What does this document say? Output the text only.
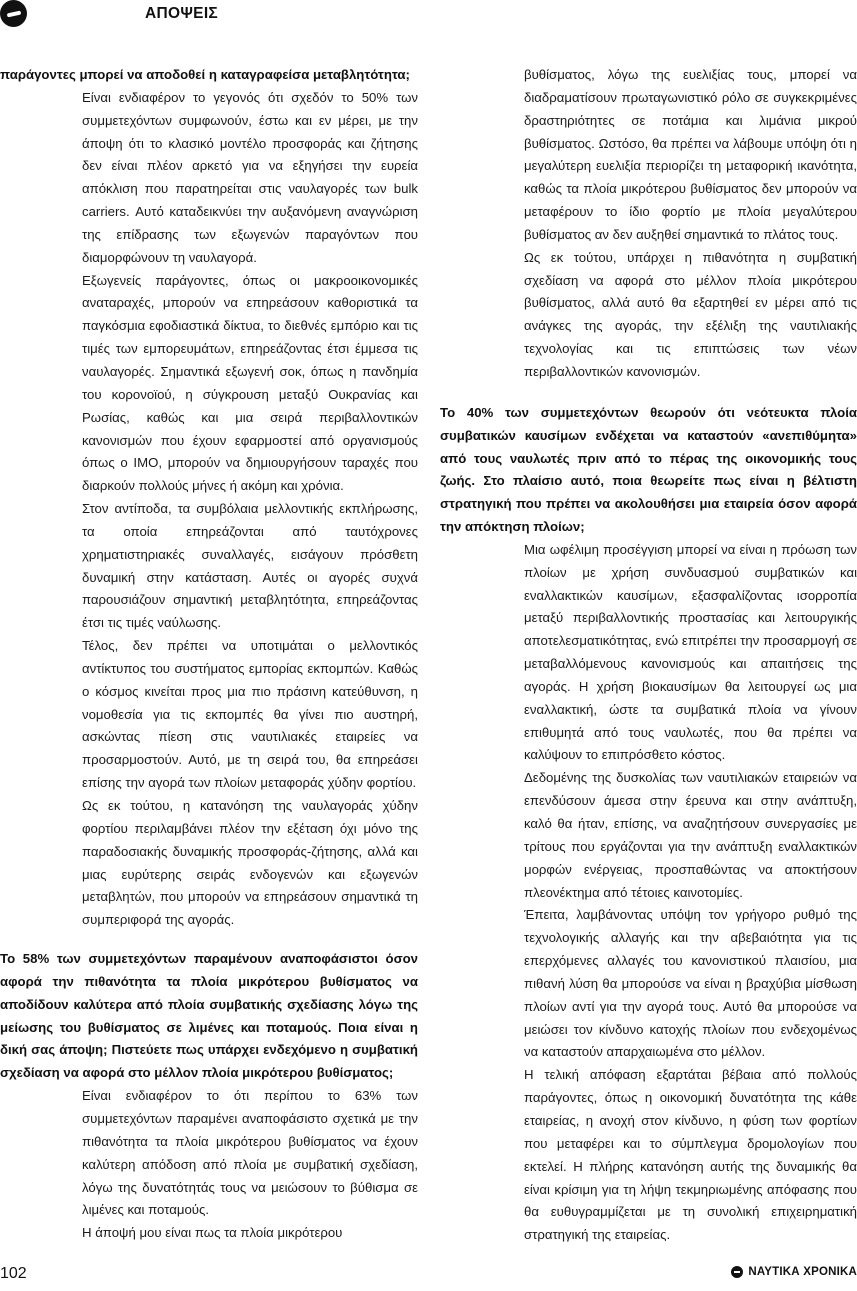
ΑΠΟΨΕΙΣ

παράγοντες μπορεί να αποδοθεί η καταγραφείσα μεταβλητότητα;

Είναι ενδιαφέρον το γεγονός ότι σχεδόν το 50% των συμμετεχόντων συμφωνούν, έστω και εν μέρει, με την άποψη ότι το κλασικό μοντέλο προσφοράς και ζήτησης δεν είναι πλέον αρκετό για να εξηγήσει την ευρεία απόκλιση που παρατηρείται στις ναυλαγορές των bulk carriers. Αυτό καταδεικνύει την αυξανόμενη αναγνώριση της επίδρασης των εξωγενών παραγόντων που διαμορφώνουν τη ναυλαγορά.

Εξωγενείς παράγοντες, όπως οι μακροοικονομικές αναταραχές, μπορούν να επηρεάσουν καθοριστικά τα παγκόσμια εφοδιαστικά δίκτυα, το διεθνές εμπόριο και τις τιμές των εμπορευμάτων, επηρεάζοντας έτσι έμμεσα τις ναυλαγορές. Σημαντικά εξωγενή σοκ, όπως η πανδημία του κορονοϊού, η σύγκρουση μεταξύ Ουκρανίας και Ρωσίας, καθώς και μια σειρά περιβαλλοντικών κανονισμών που έχουν εφαρμοστεί από οργανισμούς όπως ο IMO, μπορούν να δημιουργήσουν ταραχές που διαρκούν πολλούς μήνες ή ακόμη και χρόνια.

Στον αντίποδα, τα συμβόλαια μελλοντικής εκπλήρωσης, τα οποία επηρεάζονται από ταυτόχρονες χρηματιστηριακές συναλλαγές, εισάγουν πρόσθετη δυναμική στην κατάσταση. Αυτές οι αγορές συχνά παρουσιάζουν σημαντική μεταβλητότητα, επηρεάζοντας έτσι τις τιμές ναύλωσης.

Τέλος, δεν πρέπει να υποτιμάται ο μελλοντικός αντίκτυπος του συστήματος εμπορίας εκπομπών. Καθώς ο κόσμος κινείται προς μια πιο πράσινη κατεύθυνση, η νομοθεσία για τις εκπομπές θα γίνει πιο αυστηρή, ασκώντας πίεση στις ναυτιλιακές εταιρείες να προσαρμοστούν. Αυτό, με τη σειρά του, θα επηρεάσει επίσης την αγορά των πλοίων μεταφοράς χύδην φορτίου.

Ως εκ τούτου, η κατανόηση της ναυλαγοράς χύδην φορτίου περιλαμβάνει πλέον την εξέταση όχι μόνο της παραδοσιακής δυναμικής προσφοράς-ζήτησης, αλλά και μιας ευρύτερης σειράς ενδογενών και εξωγενών μεταβλητών, που μπορούν να επηρεάσουν σημαντικά τη συμπεριφορά της αγοράς.

Το 58% των συμμετεχόντων παραμένουν αναποφάσιστοι όσον αφορά την πιθανότητα τα πλοία μικρότερου βυθίσματος να αποδίδουν καλύτερα από πλοία συμβατικής σχεδίασης λόγω της μείωσης του βυθίσματος σε λιμένες και ποταμούς. Ποια είναι η δική σας άποψη; Πιστεύετε πως υπάρχει ενδεχόμενο η συμβατική σχεδίαση να αφορά στο μέλλον πλοία μικρότερου βυθίσματος;

Είναι ενδιαφέρον το ότι περίπου το 63% των συμμετεχόντων παραμένει αναποφάσιστο σχετικά με την πιθανότητα τα πλοία μικρότερου βυθίσματος να έχουν καλύτερη απόδοση από πλοία με συμβατική σχεδίαση, λόγω της δυνατότητάς τους να μειώσουν το βύθισμα σε λιμένες και ποταμούς.

Η άποψή μου είναι πως τα πλοία μικρότερου

βυθίσματος, λόγω της ευελιξίας τους, μπορεί να διαδραματίσουν πρωταγωνιστικό ρόλο σε συγκεκριμένες δραστηριότητες σε ποτάμια και λιμάνια μικρού βυθίσματος. Ωστόσο, θα πρέπει να λάβουμε υπόψη ότι η μεγαλύτερη ευελιξία περιορίζει τη μεταφορική ικανότητα, καθώς τα πλοία μικρότερου βυθίσματος δεν μπορούν να μεταφέρουν το ίδιο φορτίο με πλοία μεγαλύτερου βυθίσματος αν δεν αυξηθεί σημαντικά το πλάτος τους.

Ως εκ τούτου, υπάρχει η πιθανότητα η συμβατική σχεδίαση να αφορά στο μέλλον πλοία μικρότερου βυθίσματος, αλλά αυτό θα εξαρτηθεί εν μέρει από τις ανάγκες της αγοράς, την εξέλιξη της ναυτιλιακής τεχνολογίας και τις επιπτώσεις των νέων περιβαλλοντικών κανονισμών.

Το 40% των συμμετεχόντων θεωρούν ότι νεότευκτα πλοία συμβατικών καυσίμων ενδέχεται να καταστούν «ανεπιθύμητα» από τους ναυλωτές πριν από το πέρας της οικονομικής τους ζωής. Στο πλαίσιο αυτό, ποια θεωρείτε πως είναι η βέλτιστη στρατηγική που πρέπει να ακολουθήσει μια εταιρεία όσον αφορά την απόκτηση πλοίων;

Μια ωφέλιμη προσέγγιση μπορεί να είναι η πρόωση των πλοίων με χρήση συνδυασμού συμβατικών και εναλλακτικών καυσίμων, εξασφαλίζοντας ισορροπία μεταξύ περιβαλλοντικής προστασίας και λειτουργικής αποτελεσματικότητας, ενώ επιτρέπει την προσαρμογή σε μεταβαλλόμενους κανονισμούς και απαιτήσεις της αγοράς. Η χρήση βιοκαυσίμων θα λειτουργεί ως μια εναλλακτική, ώστε τα συμβατικά πλοία να γίνουν επιθυμητά από τους ναυλωτές, που θα πρέπει να καλύψουν το επιπρόσθετο κόστος.

Δεδομένης της δυσκολίας των ναυτιλιακών εταιρειών να επενδύσουν άμεσα στην έρευνα και στην ανάπτυξη, καλό θα ήταν, επίσης, να αναζητήσουν συνεργασίες με τρίτους που εργάζονται για την ανάπτυξη εναλλακτικών μορφών ενέργειας, προσπαθώντας να αποκτήσουν πλεονέκτημα από τέτοιες καινοτομίες.

Έπειτα, λαμβάνοντας υπόψη τον γρήγορο ρυθμό της τεχνολογικής αλλαγής και την αβεβαιότητα για τις επερχόμενες αλλαγές του κανονιστικού πλαισίου, μια πιθανή λύση θα μπορούσε να είναι η βραχύβια μίσθωση πλοίων αντί για την αγορά τους. Αυτό θα μπορούσε να μειώσει τον κίνδυνο κατοχής πλοίων που ενδεχομένως να καταστούν απαρχαιωμένα στο μέλλον.

Η τελική απόφαση εξαρτάται βέβαια από πολλούς παράγοντες, όπως η οικονομική δυνατότητα της κάθε εταιρείας, η ανοχή στον κίνδυνο, η φύση των φορτίων που μεταφέρει και το σύμπλεγμα δρομολογίων που εκτελεί. Η πλήρης κατανόηση αυτής της δυναμικής θα είναι κρίσιμη για τη λήψη τεκμηριωμένης απόφασης που θα ευθυγραμμίζεται με τη συνολική επιχειρηματική στρατηγική της εταιρείας.

102	ΝΑΥΤΙΚΑ ΧΡΟΝΙΚΑ
